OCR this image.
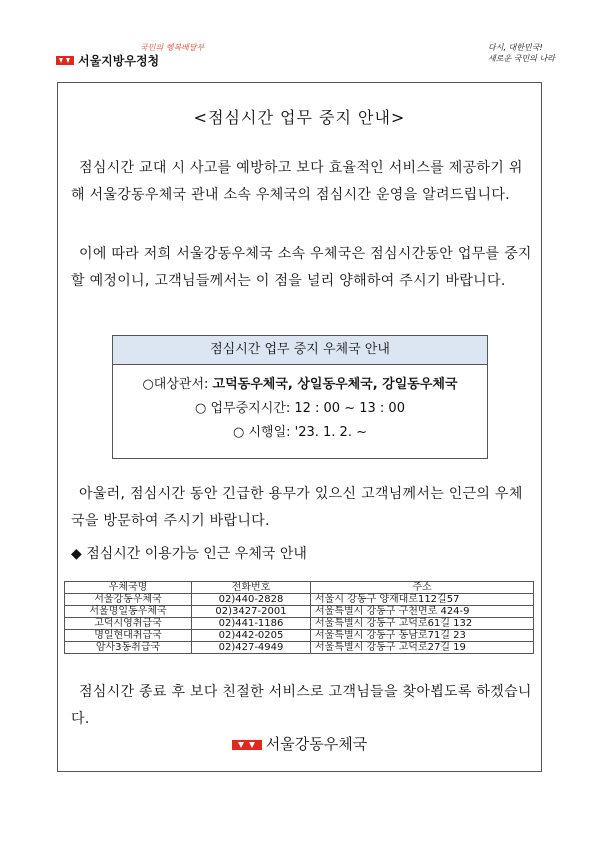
국민의 행복배달부
서울지방우정청
다시, 대한민국!
새로운 국민의 나라
<점심시간 업무 중지 안내>
점심시간 교대 시 사고를 예방하고 보다 효율적인 서비스를 제공하기 위해 서울강동우체국 관내 소속 우체국의 점심시간 운영을 알려드립니다.
이에 따라 저희 서울강동우체국 소속 우체국은 점심시간동안 업무를 중지할 예정이니, 고객님들께서는 이 점을 널리 양해하여 주시기 바랍니다.
점심시간 업무 중지 우체국 안내
○대상관서: 고덕동우체국, 상일동우체국, 강일동우체국
○ 업무중지시간: 12 : 00 ~ 13 : 00
○ 시행일: '23. 1. 2. ~
아울러, 점심시간 동안 긴급한 용무가 있으신 고객님께서는 인근의 우체국을 방문하여 주시기 바랍니다.
◆ 점심시간 이용가능 인근 우체국 안내
우체국명	전화번호	주소
서울강동우체국	02)440-2828	서울시 강동구 양재대로112길57
서울명일동우체국	02)3427-2001	서울특별시 강동구 구천면로 424-9
고덕시영취급국	02)441-1186	서울특별시 강동구 고덕로61길 132
명일현대취급국	02)442-0205	서울특별시 강동구 동남로71길 23
암사3동취급국	02)427-4949	서울특별시 강동구 고덕로27길 19
점심시간 종료 후 보다 친절한 서비스로 고객님들을 찾아뵙도록 하겠습니다.
서울강동우체국
